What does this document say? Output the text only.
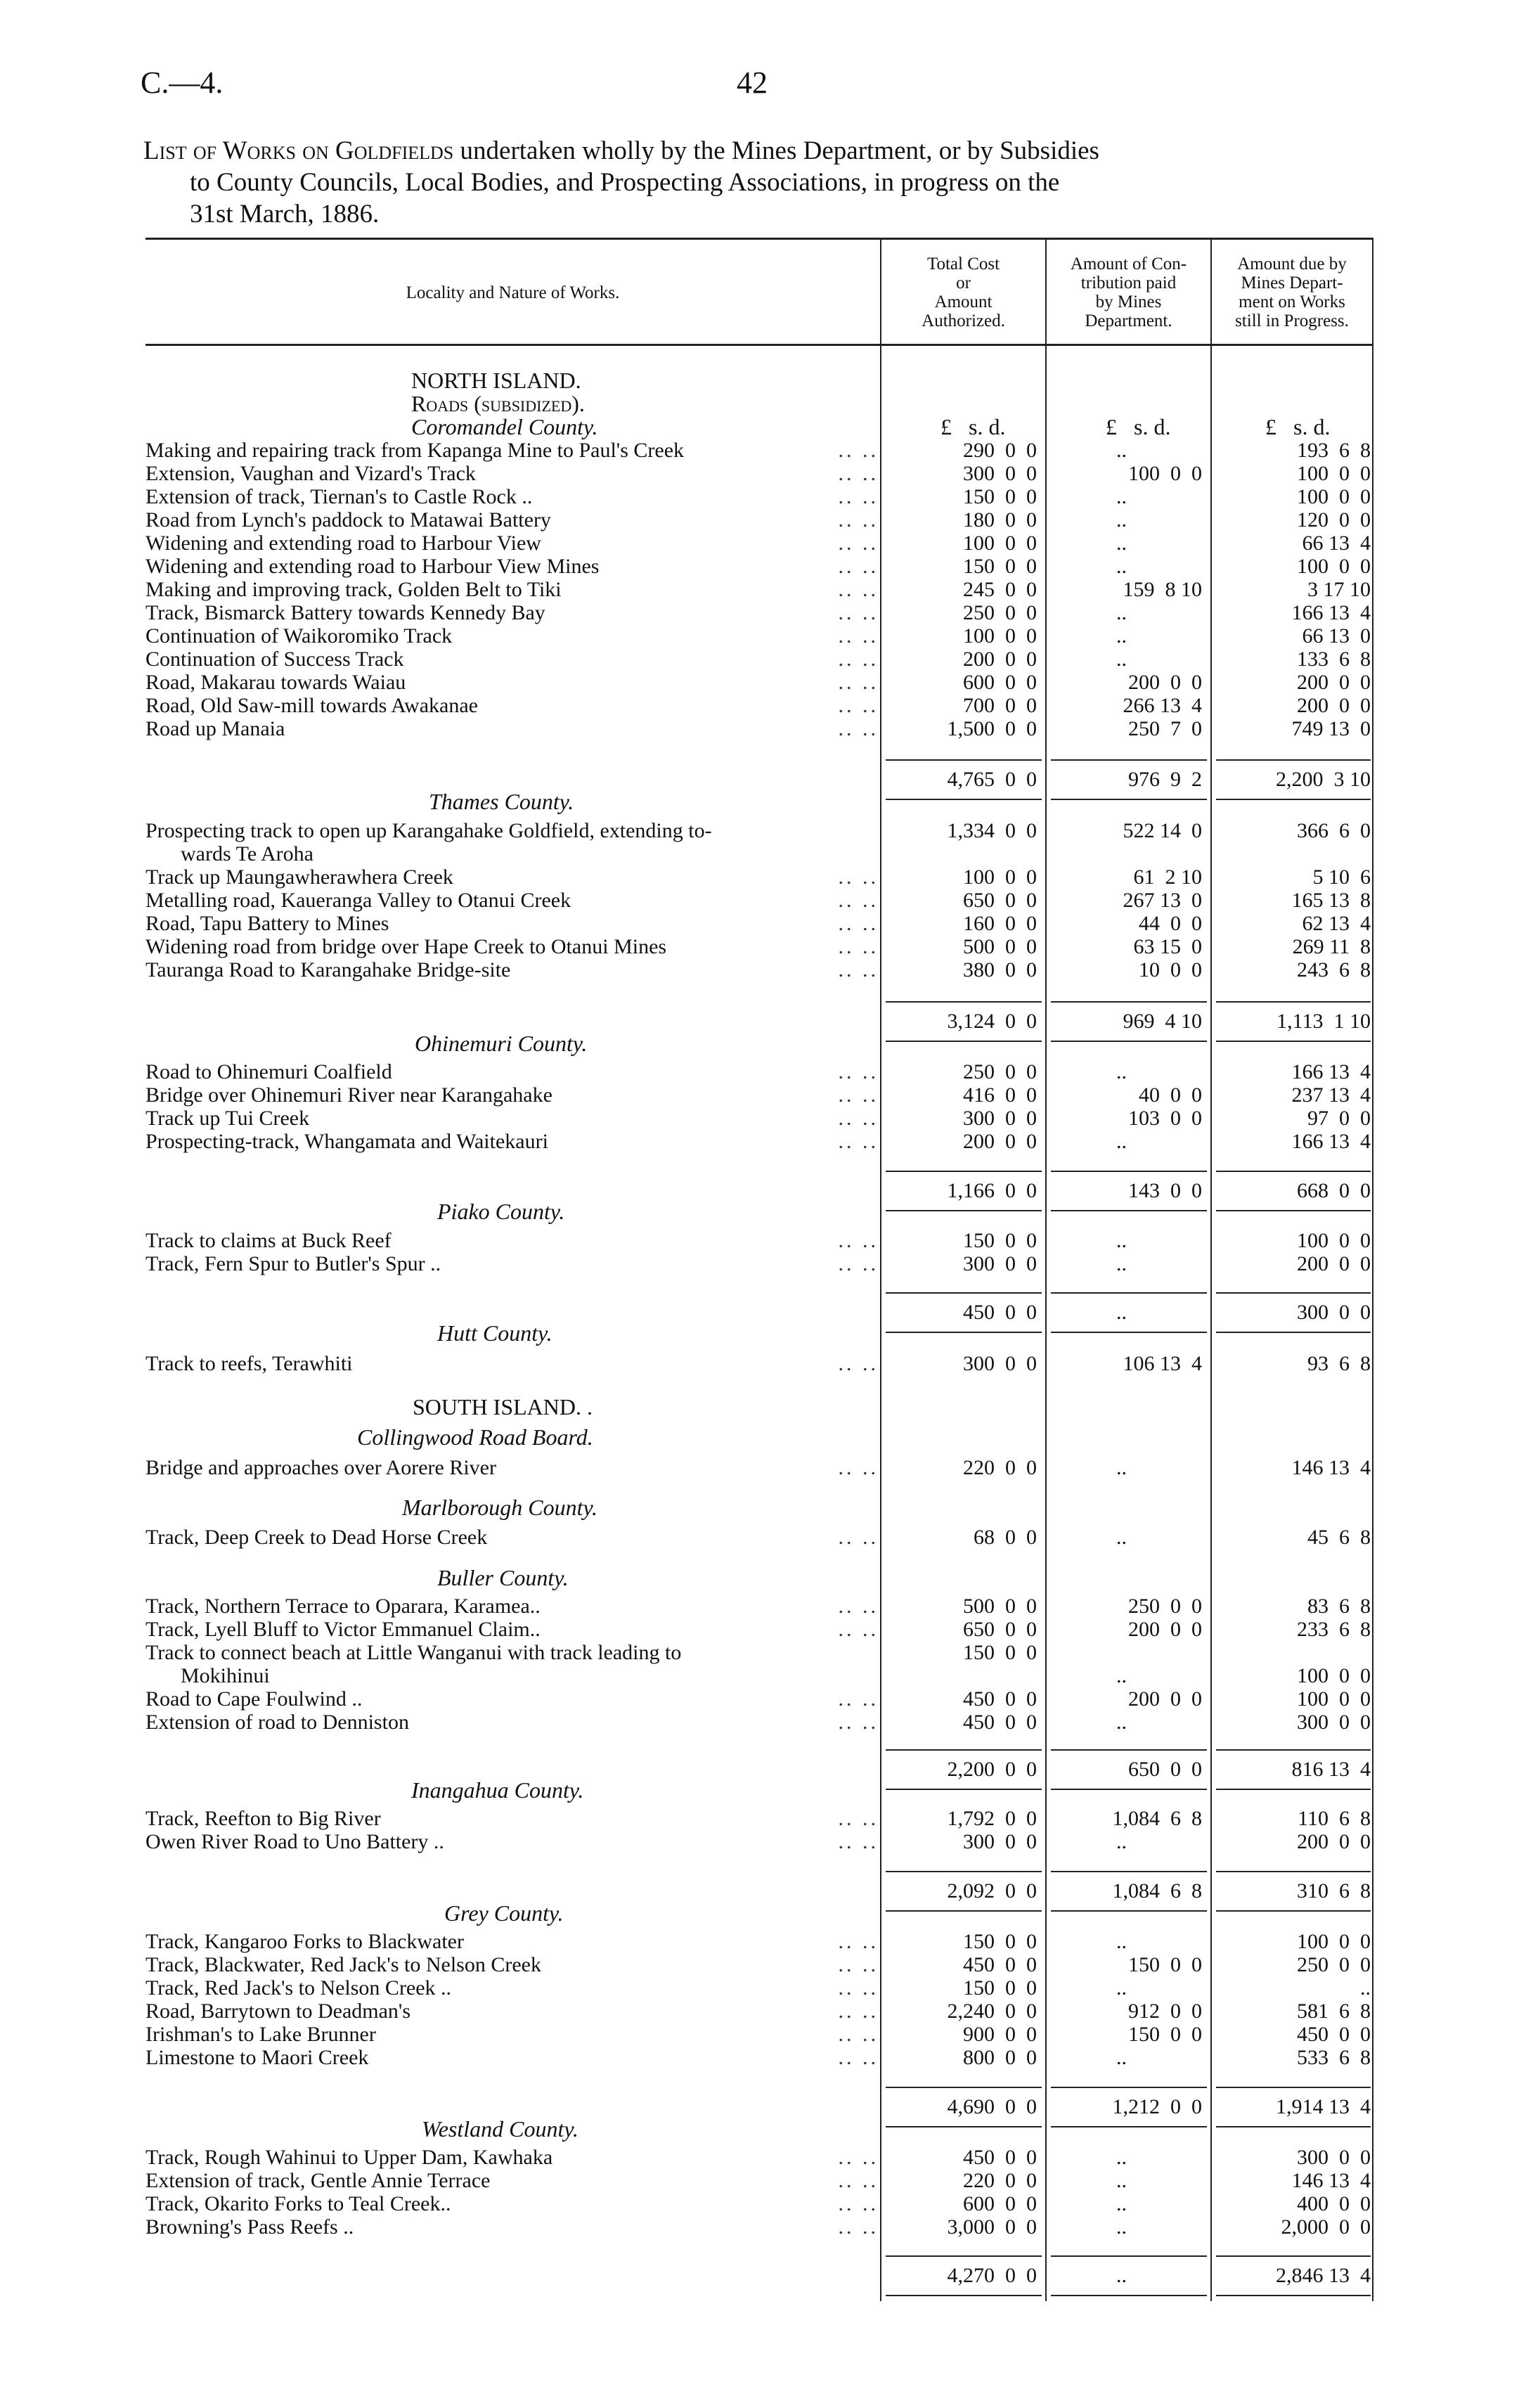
C.—4.	42
List of Works on Goldfields undertaken wholly by the Mines Department, or by Subsidies
to County Councils, Local Bodies, and Prospecting Associations, in progress on the
31st March, 1886.
Locality and Nature of Works.
Total Cost
or
Amount
Authorized.
Amount of Con-
tribution paid
by Mines
Department.
Amount due by
Mines Depart-
ment on Works
still in Progress.
NORTH ISLAND.
Roads (subsidized).
Coromandel County.
Thames County.
Ohinemuri County.
Piako County.
Hutt County.
SOUTH ISLAND. .
Collingwood Road Board.
Marlborough County.
Buller County.
Inangahua County.
Grey County.
Westland County.
£   s. d.	£   s. d.	£   s. d.
Making and repairing track from Kapanga Mine to Paul's Creek	.. ..	290  0  0	..	193  6  8
Extension, Vaughan and Vizard's Track	.. ..	300  0  0	100  0  0	100  0  0
Extension of track, Tiernan's to Castle Rock ..	.. ..	150  0  0	..	100  0  0
Road from Lynch's paddock to Matawai Battery	.. ..	180  0  0	..	120  0  0
Widening and extending road to Harbour View	.. ..	100  0  0	..	66 13  4
Widening and extending road to Harbour View Mines	.. ..	150  0  0	..	100  0  0
Making and improving track, Golden Belt to Tiki	.. ..	245  0  0	159  8 10	3 17 10
Track, Bismarck Battery towards Kennedy Bay	.. ..	250  0  0	..	166 13  4
Continuation of Waikoromiko Track	.. ..	100  0  0	..	66 13  0
Continuation of Success Track	.. ..	200  0  0	..	133  6  8
Road, Makarau towards Waiau	.. ..	600  0  0	200  0  0	200  0  0
Road, Old Saw-mill towards Awakanae	.. ..	700  0  0	266 13  4	200  0  0
Road up Manaia	.. ..	1,500  0  0	250  7  0	749 13  0
4,765  0  0	976  9  2	2,200  3 10
Prospecting track to open up Karangahake Goldfield, extending to-	1,334  0  0	522 14  0	366  6  0
wards Te Aroha
Track up Maungawherawhera Creek	.. ..	100  0  0	61  2 10	5 10  6
Metalling road, Kaueranga Valley to Otanui Creek	.. ..	650  0  0	267 13  0	165 13  8
Road, Tapu Battery to Mines	.. ..	160  0  0	44  0  0	62 13  4
Widening road from bridge over Hape Creek to Otanui Mines	.. ..	500  0  0	63 15  0	269 11  8
Tauranga Road to Karangahake Bridge-site	.. ..	380  0  0	10  0  0	243  6  8
3,124  0  0	969  4 10	1,113  1 10
Road to Ohinemuri Coalfield	.. ..	250  0  0	..	166 13  4
Bridge over Ohinemuri River near Karangahake	.. ..	416  0  0	40  0  0	237 13  4
Track up Tui Creek	.. ..	300  0  0	103  0  0	97  0  0
Prospecting-track, Whangamata and Waitekauri	.. ..	200  0  0	..	166 13  4
1,166  0  0	143  0  0	668  0  0
Track to claims at Buck Reef	.. ..	150  0  0	..	100  0  0
Track, Fern Spur to Butler's Spur ..	.. ..	300  0  0	..	200  0  0
450  0  0	..	300  0  0
Track to reefs, Terawhiti	.. ..	300  0  0	106 13  4	93  6  8
Bridge and approaches over Aorere River	.. ..	220  0  0	..	146 13  4
Track, Deep Creek to Dead Horse Creek	.. ..	68  0  0	..	45  6  8
Track, Northern Terrace to Oparara, Karamea..	.. ..	500  0  0	250  0  0	83  6  8
Track, Lyell Bluff to Victor Emmanuel Claim..	.. ..	650  0  0	200  0  0	233  6  8
Track to connect beach at Little Wanganui with track leading to	150  0  0
Mokihinui	..	100  0  0
Road to Cape Foulwind ..	.. ..	450  0  0	200  0  0	100  0  0
Extension of road to Denniston	.. ..	450  0  0	..	300  0  0
2,200  0  0	650  0  0	816 13  4
Track, Reefton to Big River	.. ..	1,792  0  0	1,084  6  8	110  6  8
Owen River Road to Uno Battery ..	.. ..	300  0  0	..	200  0  0
2,092  0  0	1,084  6  8	310  6  8
Track, Kangaroo Forks to Blackwater	.. ..	150  0  0	..	100  0  0
Track, Blackwater, Red Jack's to Nelson Creek	.. ..	450  0  0	150  0  0	250  0  0
Track, Red Jack's to Nelson Creek ..	.. ..	150  0  0	..	..
Road, Barrytown to Deadman's	.. ..	2,240  0  0	912  0  0	581  6  8
Irishman's to Lake Brunner	.. ..	900  0  0	150  0  0	450  0  0
Limestone to Maori Creek	.. ..	800  0  0	..	533  6  8
4,690  0  0	1,212  0  0	1,914 13  4
Track, Rough Wahinui to Upper Dam, Kawhaka	.. ..	450  0  0	..	300  0  0
Extension of track, Gentle Annie Terrace	.. ..	220  0  0	..	146 13  4
Track, Okarito Forks to Teal Creek..	.. ..	600  0  0	..	400  0  0
Browning's Pass Reefs ..	.. ..	3,000  0  0	..	2,000  0  0
4,270  0  0	..	2,846 13  4
